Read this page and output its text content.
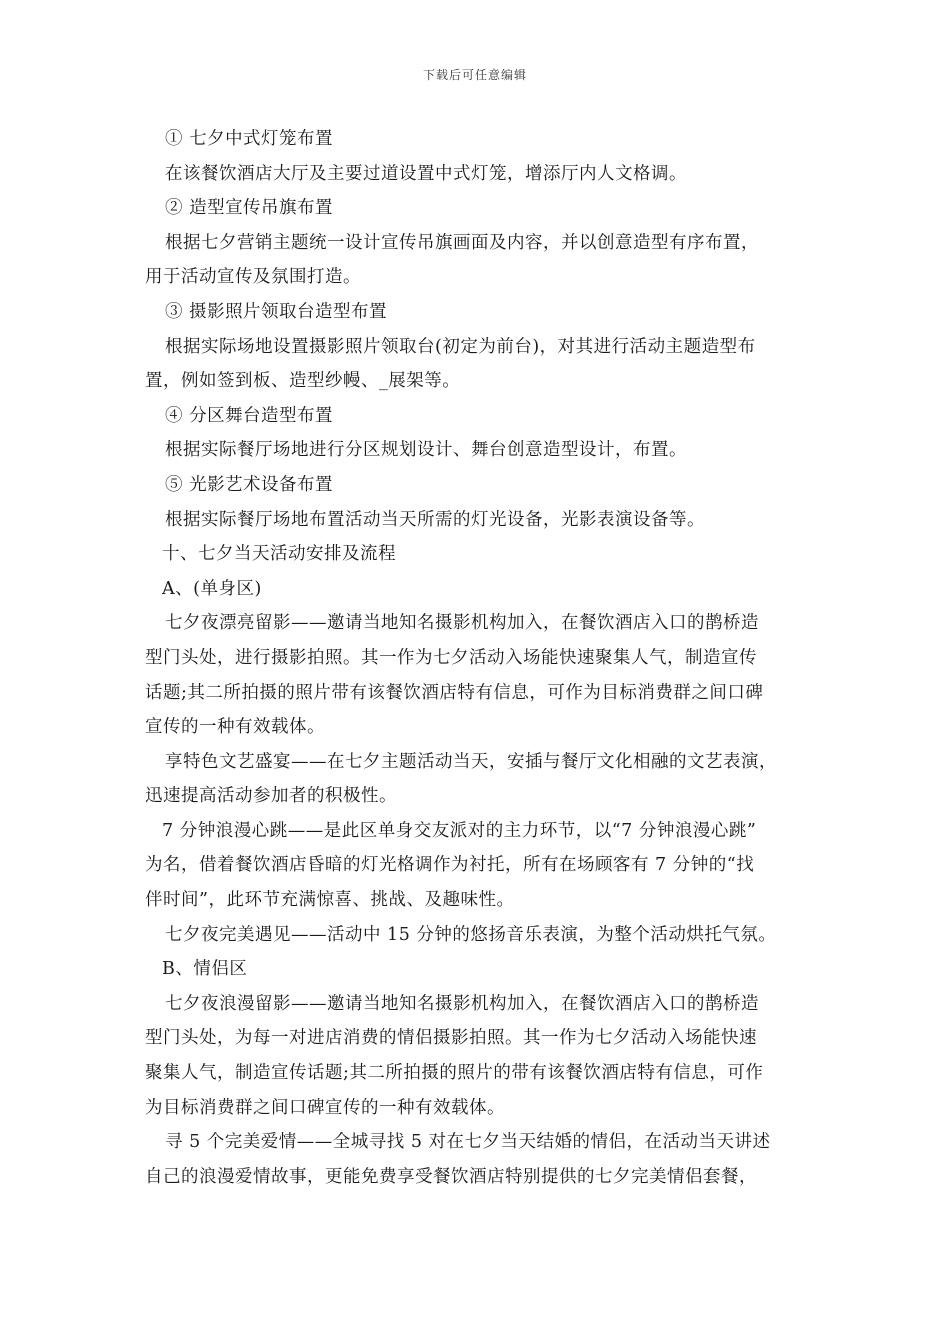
下载后可任意编辑
① 七夕中式灯笼布置
在该餐饮酒店大厅及主要过道设置中式灯笼，增添厅内人文格调。
② 造型宣传吊旗布置
根据七夕营销主题统一设计宣传吊旗画面及内容，并以创意造型有序布置，
用于活动宣传及氛围打造。
③ 摄影照片领取台造型布置
根据实际场地设置摄影照片领取台(初定为前台)，对其进行活动主题造型布
置，例如签到板、造型纱幔、_展架等。
④ 分区舞台造型布置
根据实际餐厅场地进行分区规划设计、舞台创意造型设计，布置。
⑤ 光影艺术设备布置
根据实际餐厅场地布置活动当天所需的灯光设备，光影表演设备等。
十、七夕当天活动安排及流程
A、(单身区)
七夕夜漂亮留影——邀请当地知名摄影机构加入，在餐饮酒店入口的鹊桥造
型门头处，进行摄影拍照。其一作为七夕活动入场能快速聚集人气，制造宣传
话题;其二所拍摄的照片带有该餐饮酒店特有信息，可作为目标消费群之间口碑
宣传的一种有效载体。
享特色文艺盛宴——在七夕主题活动当天，安插与餐厅文化相融的文艺表演，
迅速提高活动参加者的积极性。
7 分钟浪漫心跳——是此区单身交友派对的主力环节，以“7 分钟浪漫心跳”
为名，借着餐饮酒店昏暗的灯光格调作为衬托，所有在场顾客有 7 分钟的“找
伴时间”，此环节充满惊喜、挑战、及趣味性。
七夕夜完美遇见——活动中 15 分钟的悠扬音乐表演，为整个活动烘托气氛。
B、情侣区
七夕夜浪漫留影——邀请当地知名摄影机构加入，在餐饮酒店入口的鹊桥造
型门头处，为每一对进店消费的情侣摄影拍照。其一作为七夕活动入场能快速
聚集人气，制造宣传话题;其二所拍摄的照片的带有该餐饮酒店特有信息，可作
为目标消费群之间口碑宣传的一种有效载体。
寻 5 个完美爱情——全城寻找 5 对在七夕当天结婚的情侣，在活动当天讲述
自己的浪漫爱情故事，更能免费享受餐饮酒店特别提供的七夕完美情侣套餐，
